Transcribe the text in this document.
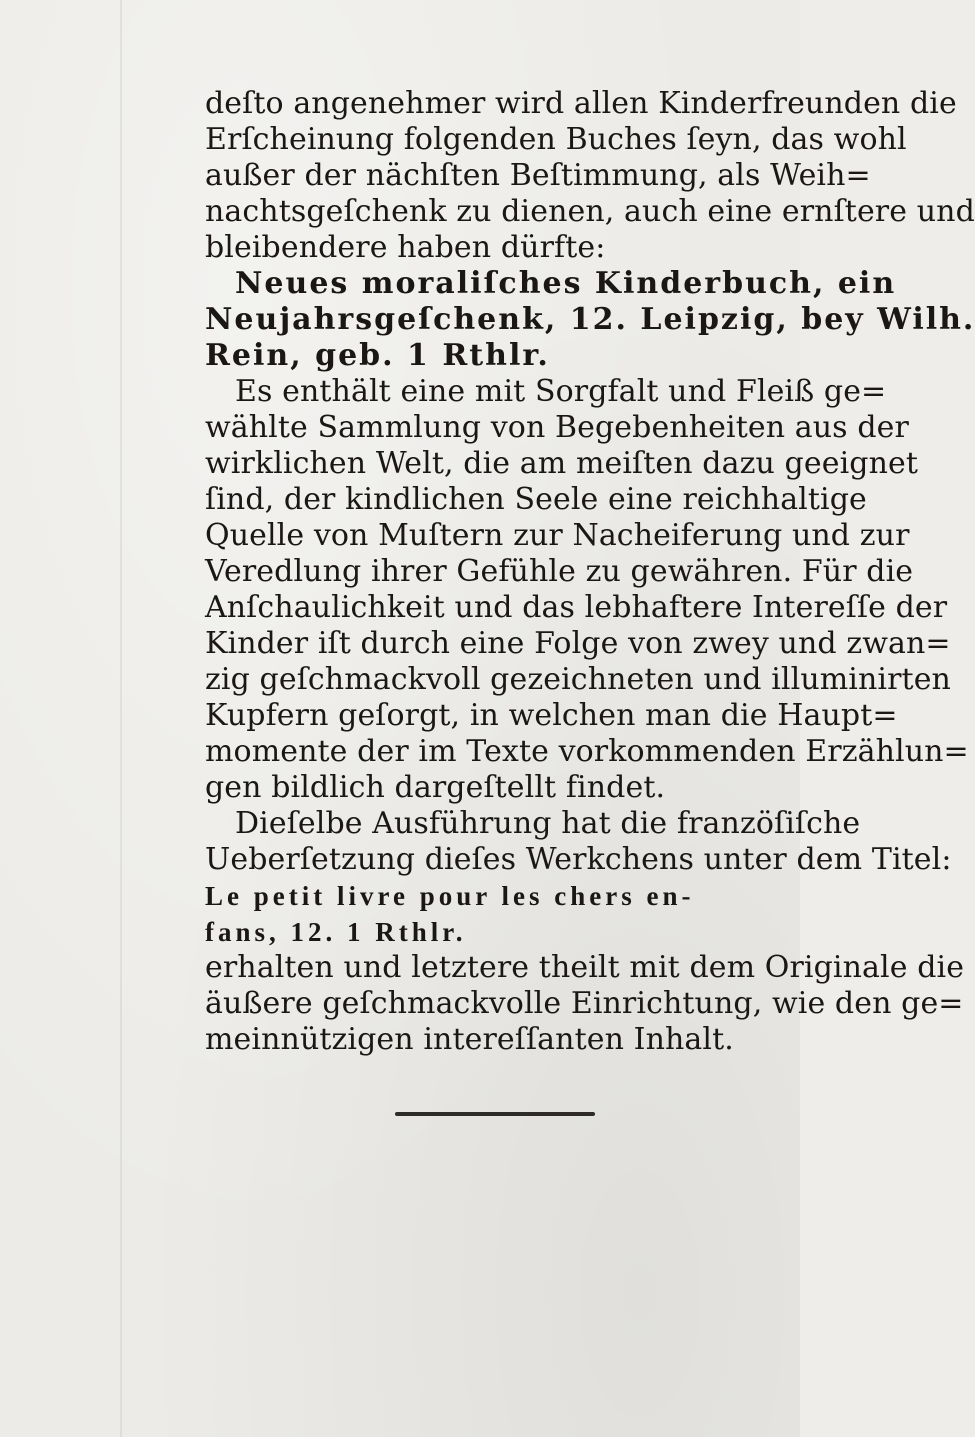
deſto angenehmer wird allen Kinderfreunden die
Erſcheinung folgenden Buches ſeyn, das wohl
außer der nächſten Beſtimmung, als Weih=
nachtsgeſchenk zu dienen, auch eine ernſtere und
bleibendere haben dürfte:
Neues moraliſches Kinderbuch, ein
Neujahrsgeſchenk, 12. Leipzig, bey Wilh.
Rein, geb. 1 Rthlr.
Es enthält eine mit Sorgfalt und Fleiß ge=
wählte Sammlung von Begebenheiten aus der
wirklichen Welt, die am meiſten dazu geeignet
ſind, der kindlichen Seele eine reichhaltige
Quelle von Muſtern zur Nacheiferung und zur
Veredlung ihrer Gefühle zu gewähren. Für die
Anſchaulichkeit und das lebhaftere Intereſſe der
Kinder iſt durch eine Folge von zwey und zwan=
zig geſchmackvoll gezeichneten und illuminirten
Kupfern geſorgt, in welchen man die Haupt=
momente der im Texte vorkommenden Erzählun=
gen bildlich dargeſtellt findet.
Dieſelbe Ausführung hat die franzöſiſche
Ueberſetzung dieſes Werkchens unter dem Titel:
Le petit livre pour les chers en-
fans, 12. 1 Rthlr.
erhalten und letztere theilt mit dem Originale die
äußere geſchmackvolle Einrichtung, wie den ge=
meinnützigen intereſſanten Inhalt.
